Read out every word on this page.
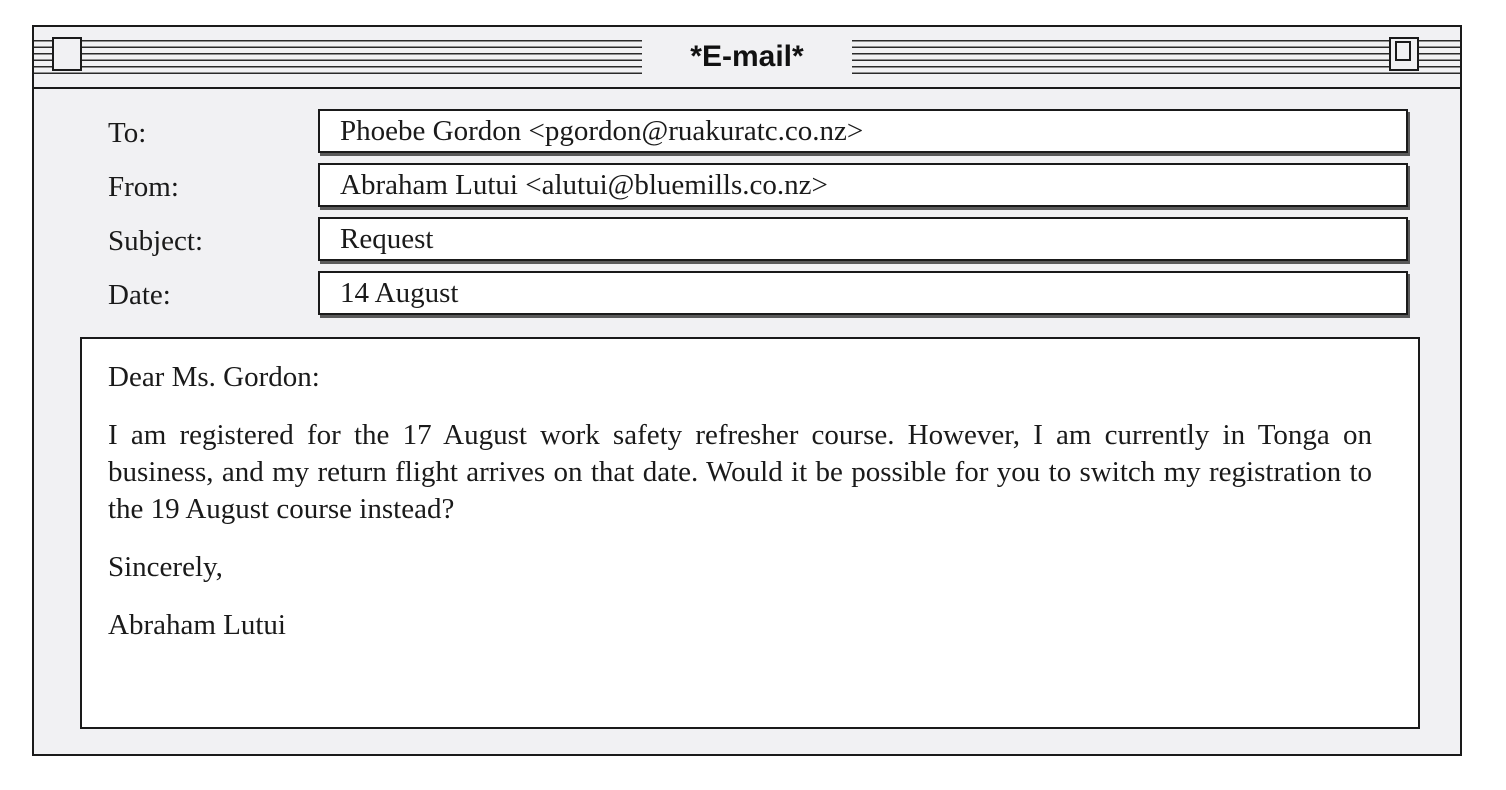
*E-mail*
To:	Phoebe Gordon <pgordon@ruakuratc.co.nz>
From:	Abraham Lutui <alutui@bluemills.co.nz>
Subject:	Request
Date:	14 August

Dear Ms. Gordon:

I am registered for the 17 August work safety refresher course. However, I am currently in Tonga on business, and my return flight arrives on that date. Would it be possible for you to switch my registration to the 19 August course instead?

Sincerely,

Abraham Lutui
